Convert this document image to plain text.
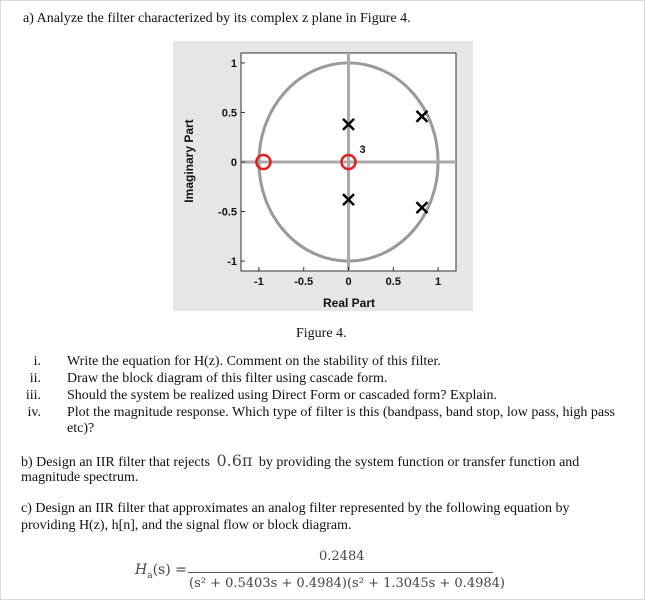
a) Analyze the filter characterized by its complex z plane in Figure 4.
-1	-0.5	0	0.5	1
1
0.5
0
-0.5
-1
3
Real Part
Imaginary Part
Figure 4.
i. Write the equation for H(z). Comment on the stability of this filter.
ii. Draw the block diagram of this filter using cascade form.
iii. Should the system be realized using Direct Form or cascaded form? Explain.
iv. Plot the magnitude response. Which type of filter is this (bandpass, band stop, low pass, high pass etc)?
b) Design an IIR filter that rejects 0.6π by providing the system function or transfer function and
magnitude spectrum.
c) Design an IIR filter that approximates an analog filter represented by the following equation by
providing H(z), h[n], and the signal flow or block diagram.
$H_a(s)$ =
0.2484
(s² + 0.5403s + 0.4984)(s² + 1.3045s + 0.4984)
